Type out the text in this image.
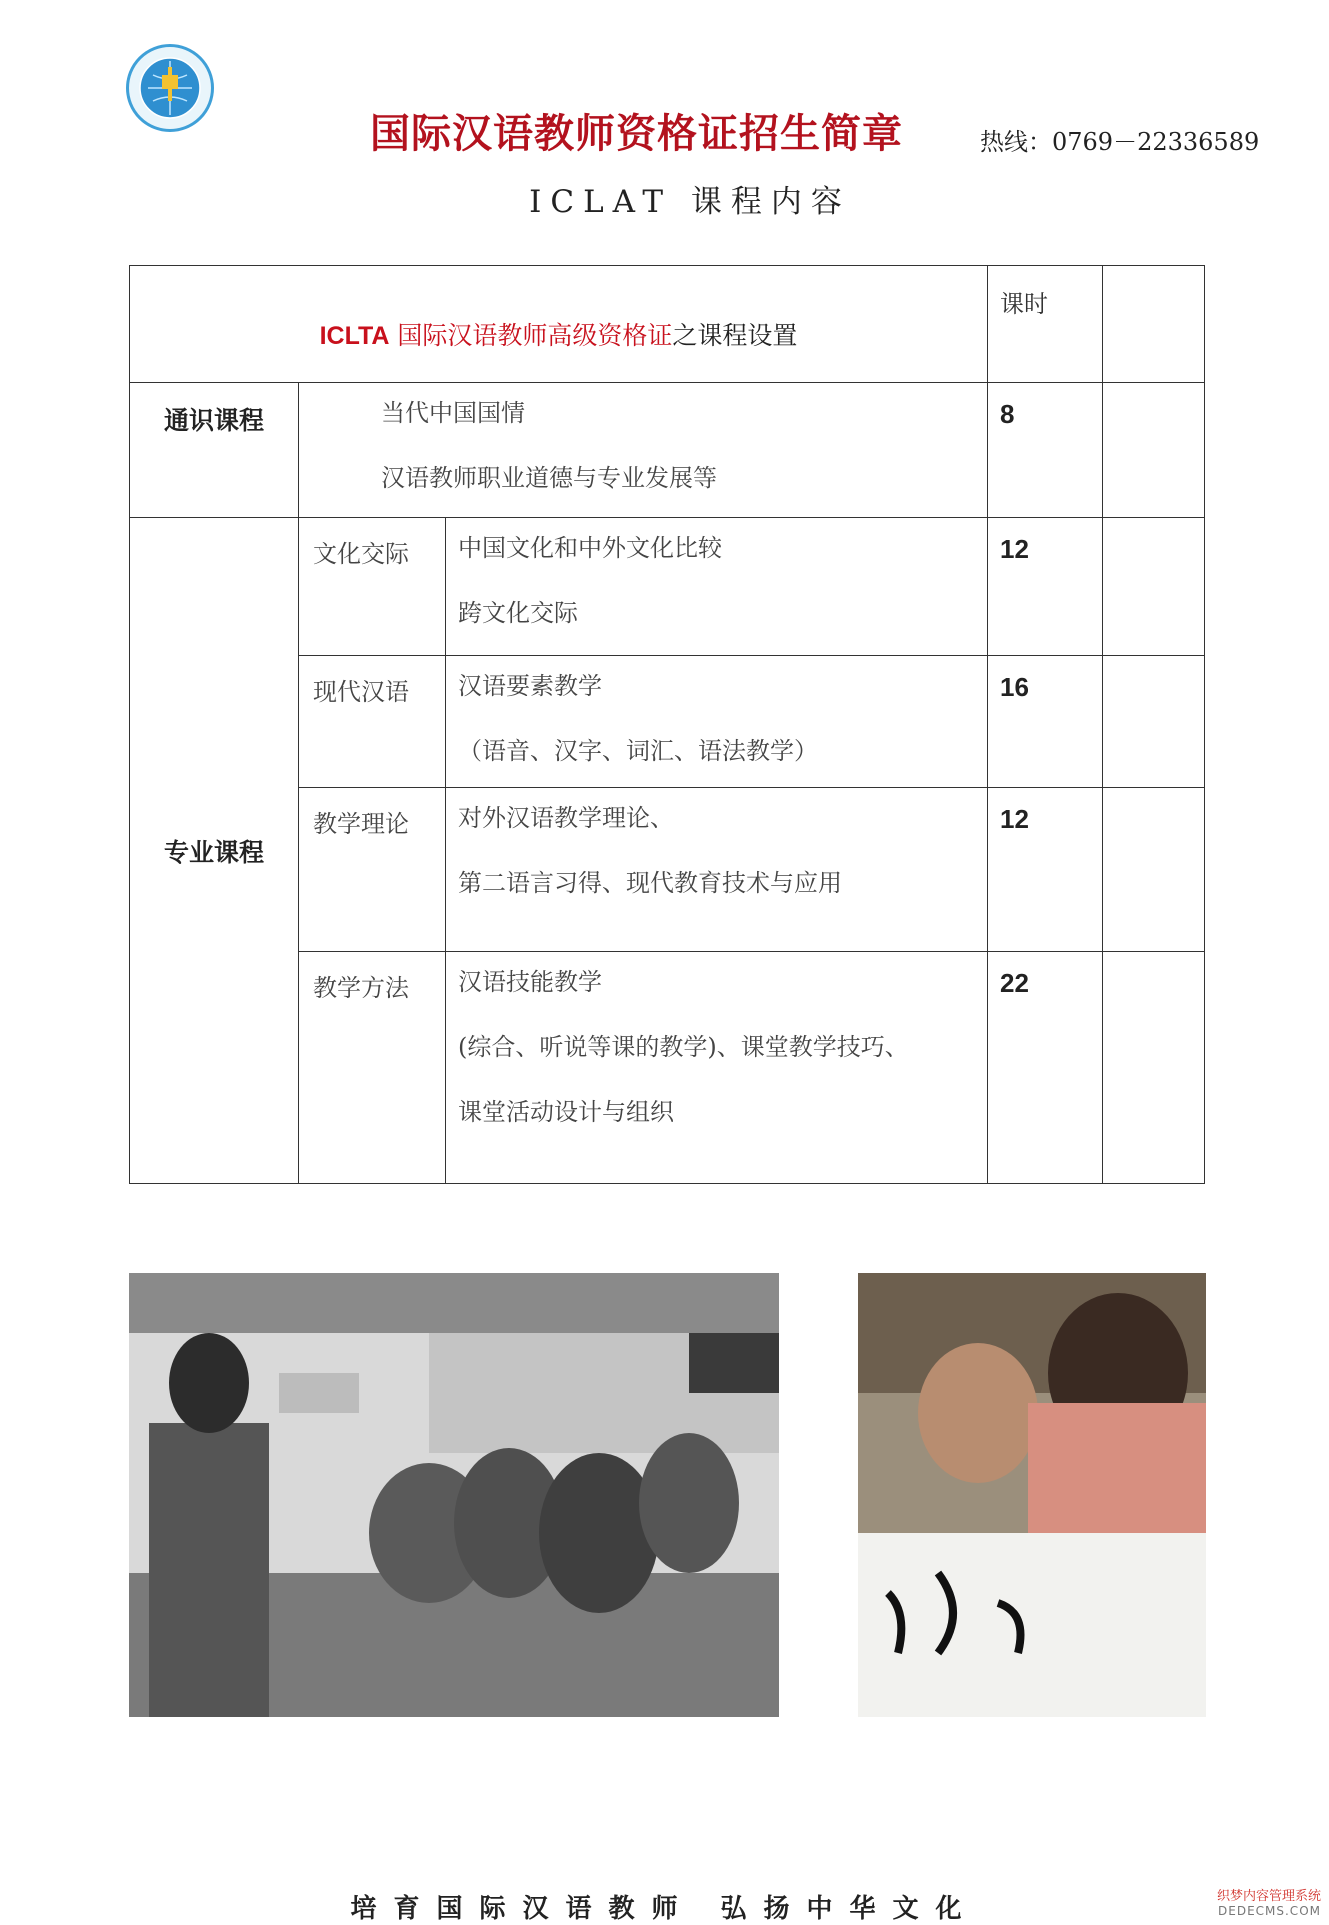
国际汉语教师资格证招生简章	热线：0769－22336589
ICLAT 课程内容
ICLTA 国际汉语教师高级资格证之课程设置			课时	
通识课程	当代中国国情
汉语教师职业道德与专业发展等		8	
专业课程	文化交际	中国文化和中外文化比较
跨文化交际	12	
	现代汉语	汉语要素教学
（语音、汉字、词汇、语法教学）	16	
	教学理论	对外汉语教学理论、
第二语言习得、现代教育技术与应用	12	
	教学方法	汉语技能教学
(综合、听说等课的教学)、课堂教学技巧、
课堂活动设计与组织	22	
培育国际汉语教师 弘扬中华文化	织梦内容管理系统
DEDECMS.COM
